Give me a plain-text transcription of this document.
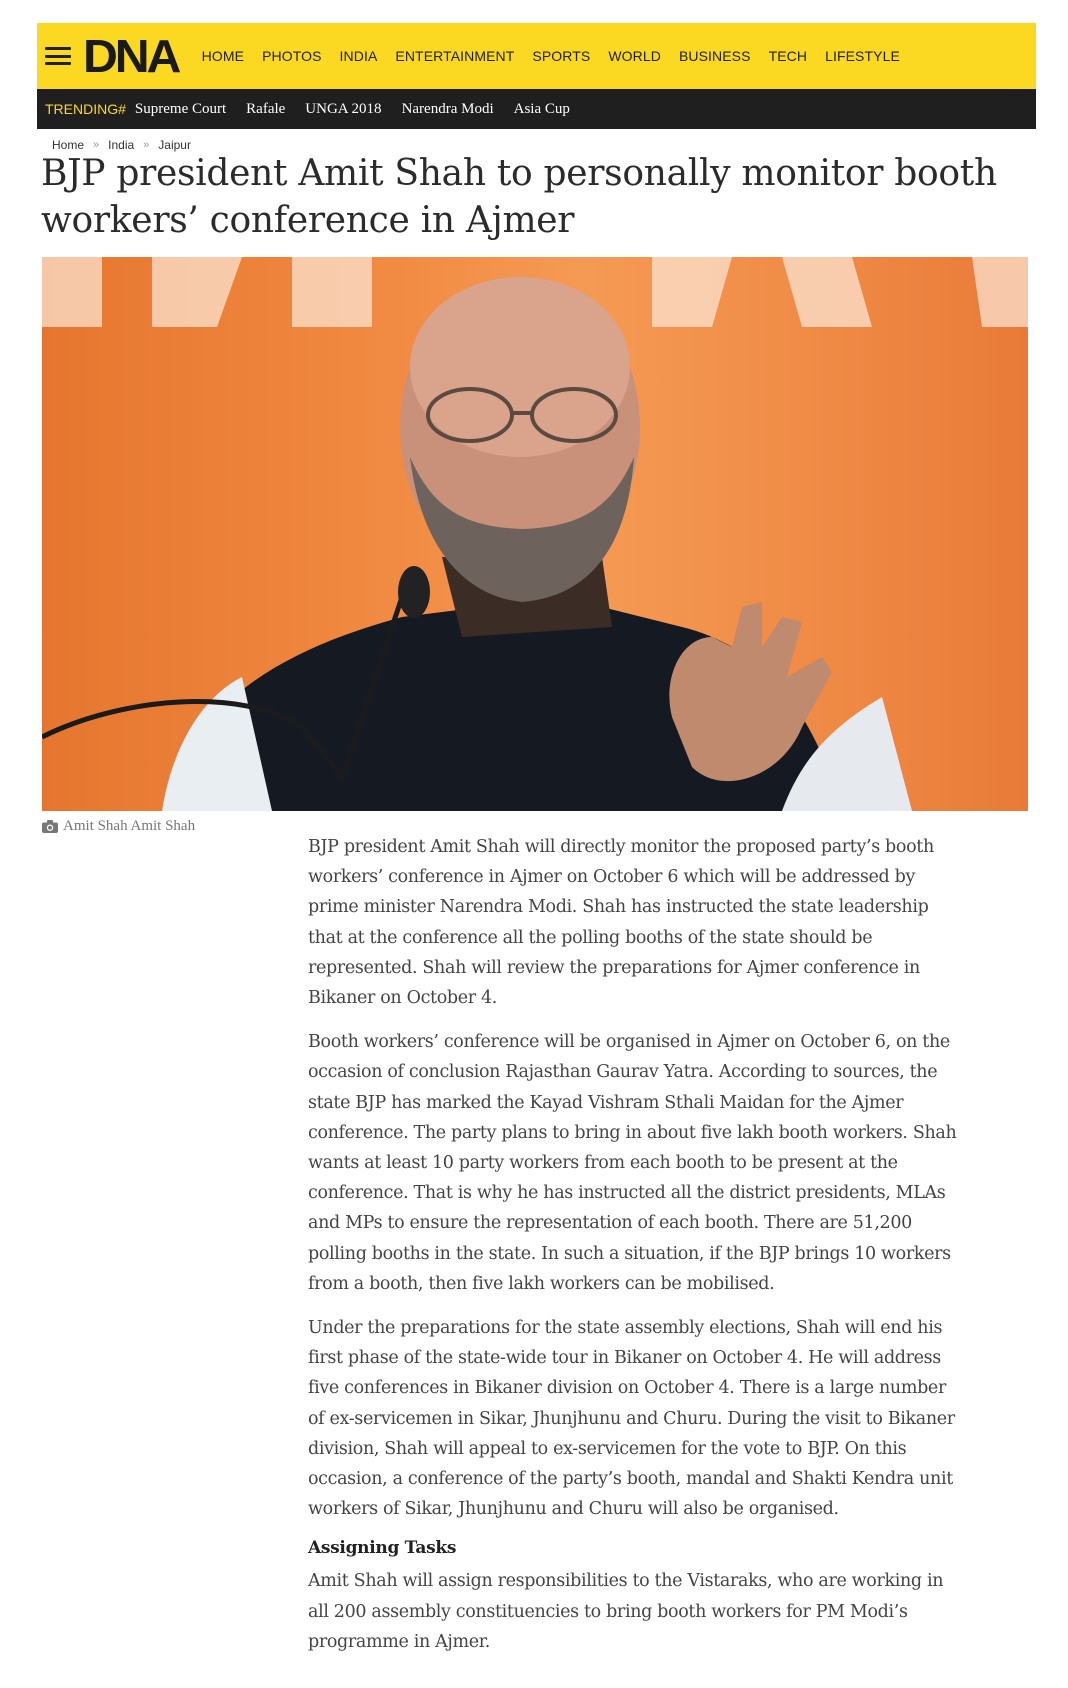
DNA HOME PHOTOS INDIA ENTERTAINMENT SPORTS WORLD BUSINESS TECH LIFESTYLE
TRENDING# Supreme Court Rafale UNGA 2018 Narendra Modi Asia Cup
Home » India » Jaipur
BJP president Amit Shah to personally monitor booth workers’ conference in Ajmer
Amit Shah Amit Shah

BJP president Amit Shah will directly monitor the proposed party’s booth workers’ conference in Ajmer on October 6 which will be addressed by prime minister Narendra Modi. Shah has instructed the state leadership that at the conference all the polling booths of the state should be represented. Shah will review the preparations for Ajmer conference in Bikaner on October 4.

Booth workers’ conference will be organised in Ajmer on October 6, on the occasion of conclusion Rajasthan Gaurav Yatra. According to sources, the state BJP has marked the Kayad Vishram Sthali Maidan for the Ajmer conference. The party plans to bring in about five lakh booth workers. Shah wants at least 10 party workers from each booth to be present at the conference. That is why he has instructed all the district presidents, MLAs and MPs to ensure the representation of each booth. There are 51,200 polling booths in the state. In such a situation, if the BJP brings 10 workers from a booth, then five lakh workers can be mobilised.

Under the preparations for the state assembly elections, Shah will end his first phase of the state-wide tour in Bikaner on October 4. He will address five conferences in Bikaner division on October 4. There is a large number of ex-servicemen in Sikar, Jhunjhunu and Churu. During the visit to Bikaner division, Shah will appeal to ex-servicemen for the vote to BJP. On this occasion, a conference of the party’s booth, mandal and Shakti Kendra unit workers of Sikar, Jhunjhunu and Churu will also be organised.

Assigning Tasks

Amit Shah will assign responsibilities to the Vistaraks, who are working in all 200 assembly constituencies to bring booth workers for PM Modi’s programme in Ajmer.
